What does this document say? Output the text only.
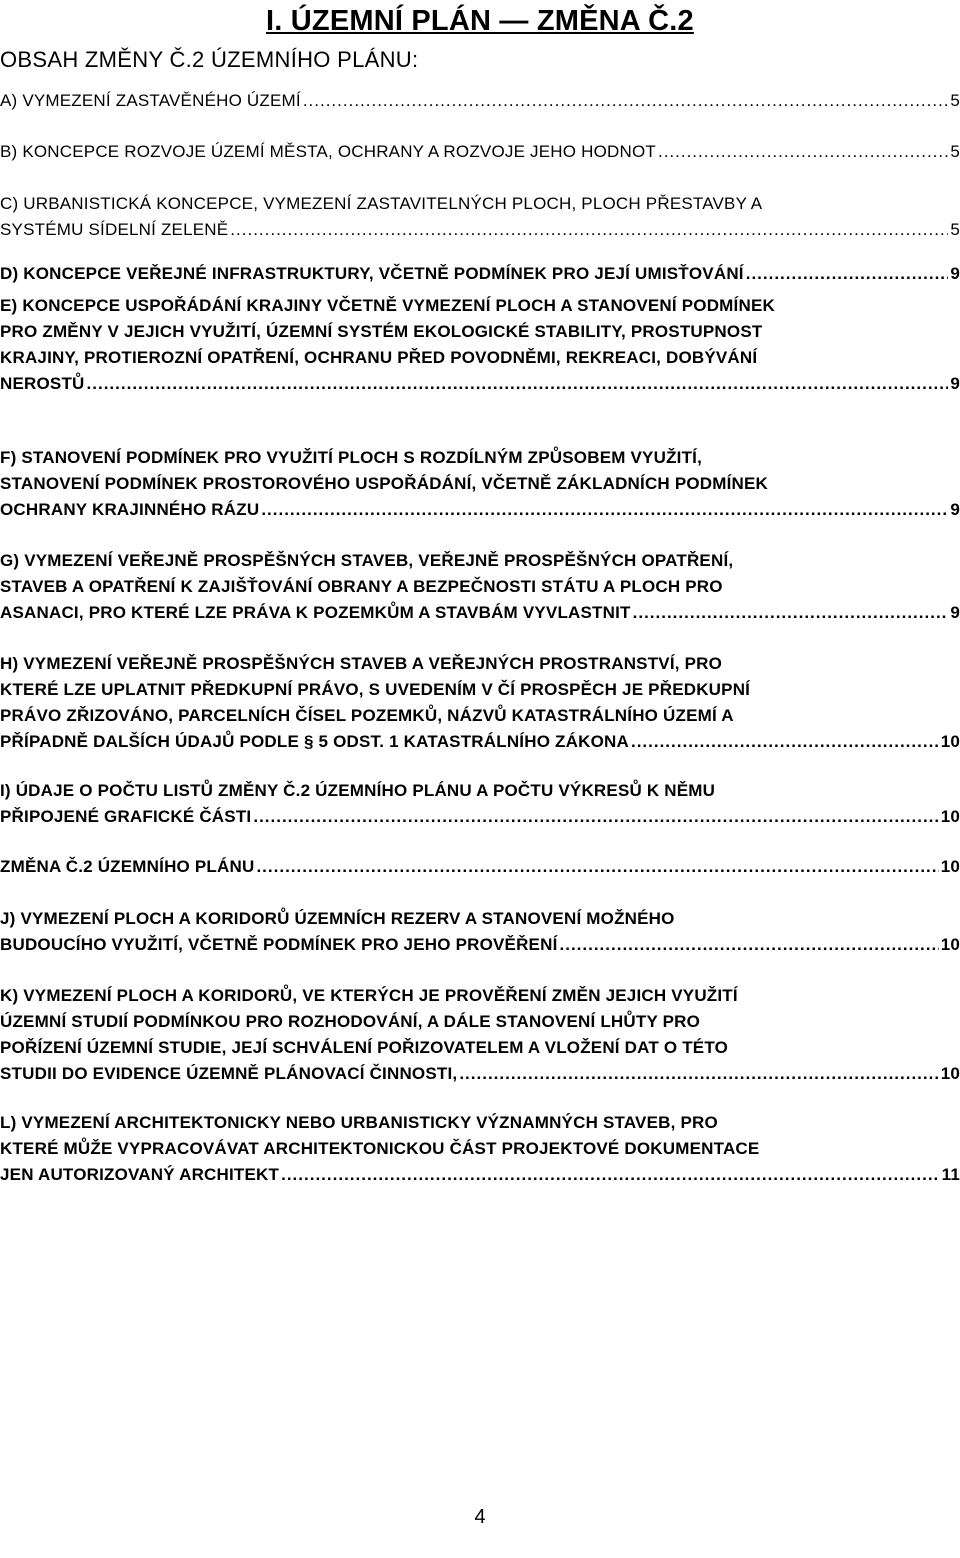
I. ÚZEMNÍ PLÁN — ZMĚNA Č.2
OBSAH ZMĚNY Č.2 ÚZEMNÍHO PLÁNU:
A) VYMEZENÍ ZASTAVĚNÉHO ÚZEMÍ .....	5
B) KONCEPCE ROZVOJE ÚZEMÍ MĚSTA, OCHRANY A ROZVOJE JEHO HODNOT .....	5
C) URBANISTICKÁ KONCEPCE, VYMEZENÍ ZASTAVITELNÝCH PLOCH, PLOCH PŘESTAVBY A
SYSTÉMU SÍDELNÍ ZELENĚ .....	5
D) KONCEPCE VEŘEJNÉ INFRASTRUKTURY, VČETNĚ PODMÍNEK PRO JEJÍ UMISŤOVÁNÍ .....	9
E) KONCEPCE USPOŘÁDÁNÍ KRAJINY VČETNĚ VYMEZENÍ PLOCH A STANOVENÍ PODMÍNEK
PRO ZMĚNY V JEJICH VYUŽITÍ, ÚZEMNÍ SYSTÉM EKOLOGICKÉ STABILITY, PROSTUPNOST
KRAJINY, PROTIEROZNÍ OPATŘENÍ, OCHRANU PŘED POVODNĚMI, REKREACI, DOBÝVÁNÍ
NEROSTŮ .....	9
F) STANOVENÍ PODMÍNEK PRO VYUŽITÍ PLOCH S ROZDÍLNÝM ZPŮSOBEM VYUŽITÍ,
STANOVENÍ PODMÍNEK PROSTOROVÉHO USPOŘÁDÁNÍ, VČETNĚ ZÁKLADNÍCH PODMÍNEK
OCHRANY KRAJINNÉHO RÁZU .....	9
G) VYMEZENÍ VEŘEJNĚ PROSPĚŠNÝCH STAVEB, VEŘEJNĚ PROSPĚŠNÝCH OPATŘENÍ,
STAVEB A OPATŘENÍ K ZAJIŠŤOVÁNÍ OBRANY A BEZPEČNOSTI STÁTU A PLOCH PRO
ASANACI, PRO KTERÉ LZE PRÁVA K POZEMKŮM A STAVBÁM VYVLASTNIT .....	9
H) VYMEZENÍ VEŘEJNĚ PROSPĚŠNÝCH STAVEB A VEŘEJNÝCH PROSTRANSTVÍ, PRO
KTERÉ LZE UPLATNIT PŘEDKUPNÍ PRÁVO, S UVEDENÍM V ČÍ PROSPĚCH JE PŘEDKUPNÍ
PRÁVO ZŘIZOVÁNO, PARCELNÍCH ČÍSEL POZEMKŮ, NÁZVŮ KATASTRÁLNÍHO ÚZEMÍ A
PŘÍPADNĚ DALŠÍCH ÚDAJŮ PODLE § 5 ODST. 1 KATASTRÁLNÍHO ZÁKONA .....	10
I) ÚDAJE O POČTU LISTŮ ZMĚNY Č.2 ÚZEMNÍHO PLÁNU A POČTU VÝKRESŮ K NĚMU
PŘIPOJENÉ GRAFICKÉ ČÁSTI .....	10
ZMĚNA Č.2 ÚZEMNÍHO PLÁNU .....	10
J) VYMEZENÍ PLOCH A KORIDORŮ ÚZEMNÍCH REZERV A STANOVENÍ MOŽNÉHO
BUDOUCÍHO VYUŽITÍ, VČETNĚ PODMÍNEK PRO JEHO PROVĚŘENÍ .....	10
K) VYMEZENÍ PLOCH A KORIDORŮ, VE KTERÝCH JE PROVĚŘENÍ ZMĚN JEJICH VYUŽITÍ
ÚZEMNÍ STUDIÍ PODMÍNKOU PRO ROZHODOVÁNÍ, A DÁLE STANOVENÍ LHŮTY PRO
POŘÍZENÍ ÚZEMNÍ STUDIE, JEJÍ SCHVÁLENÍ POŘIZOVATELEM A VLOŽENÍ DAT O TÉTO
STUDII DO EVIDENCE ÚZEMNĚ PLÁNOVACÍ ČINNOSTI, .....	10
L) VYMEZENÍ ARCHITEKTONICKY NEBO URBANISTICKY VÝZNAMNÝCH STAVEB, PRO
KTERÉ MŮŽE VYPRACOVÁVAT ARCHITEKTONICKOU ČÁST PROJEKTOVÉ DOKUMENTACE
JEN AUTORIZOVANÝ ARCHITEKT .....	11
4
